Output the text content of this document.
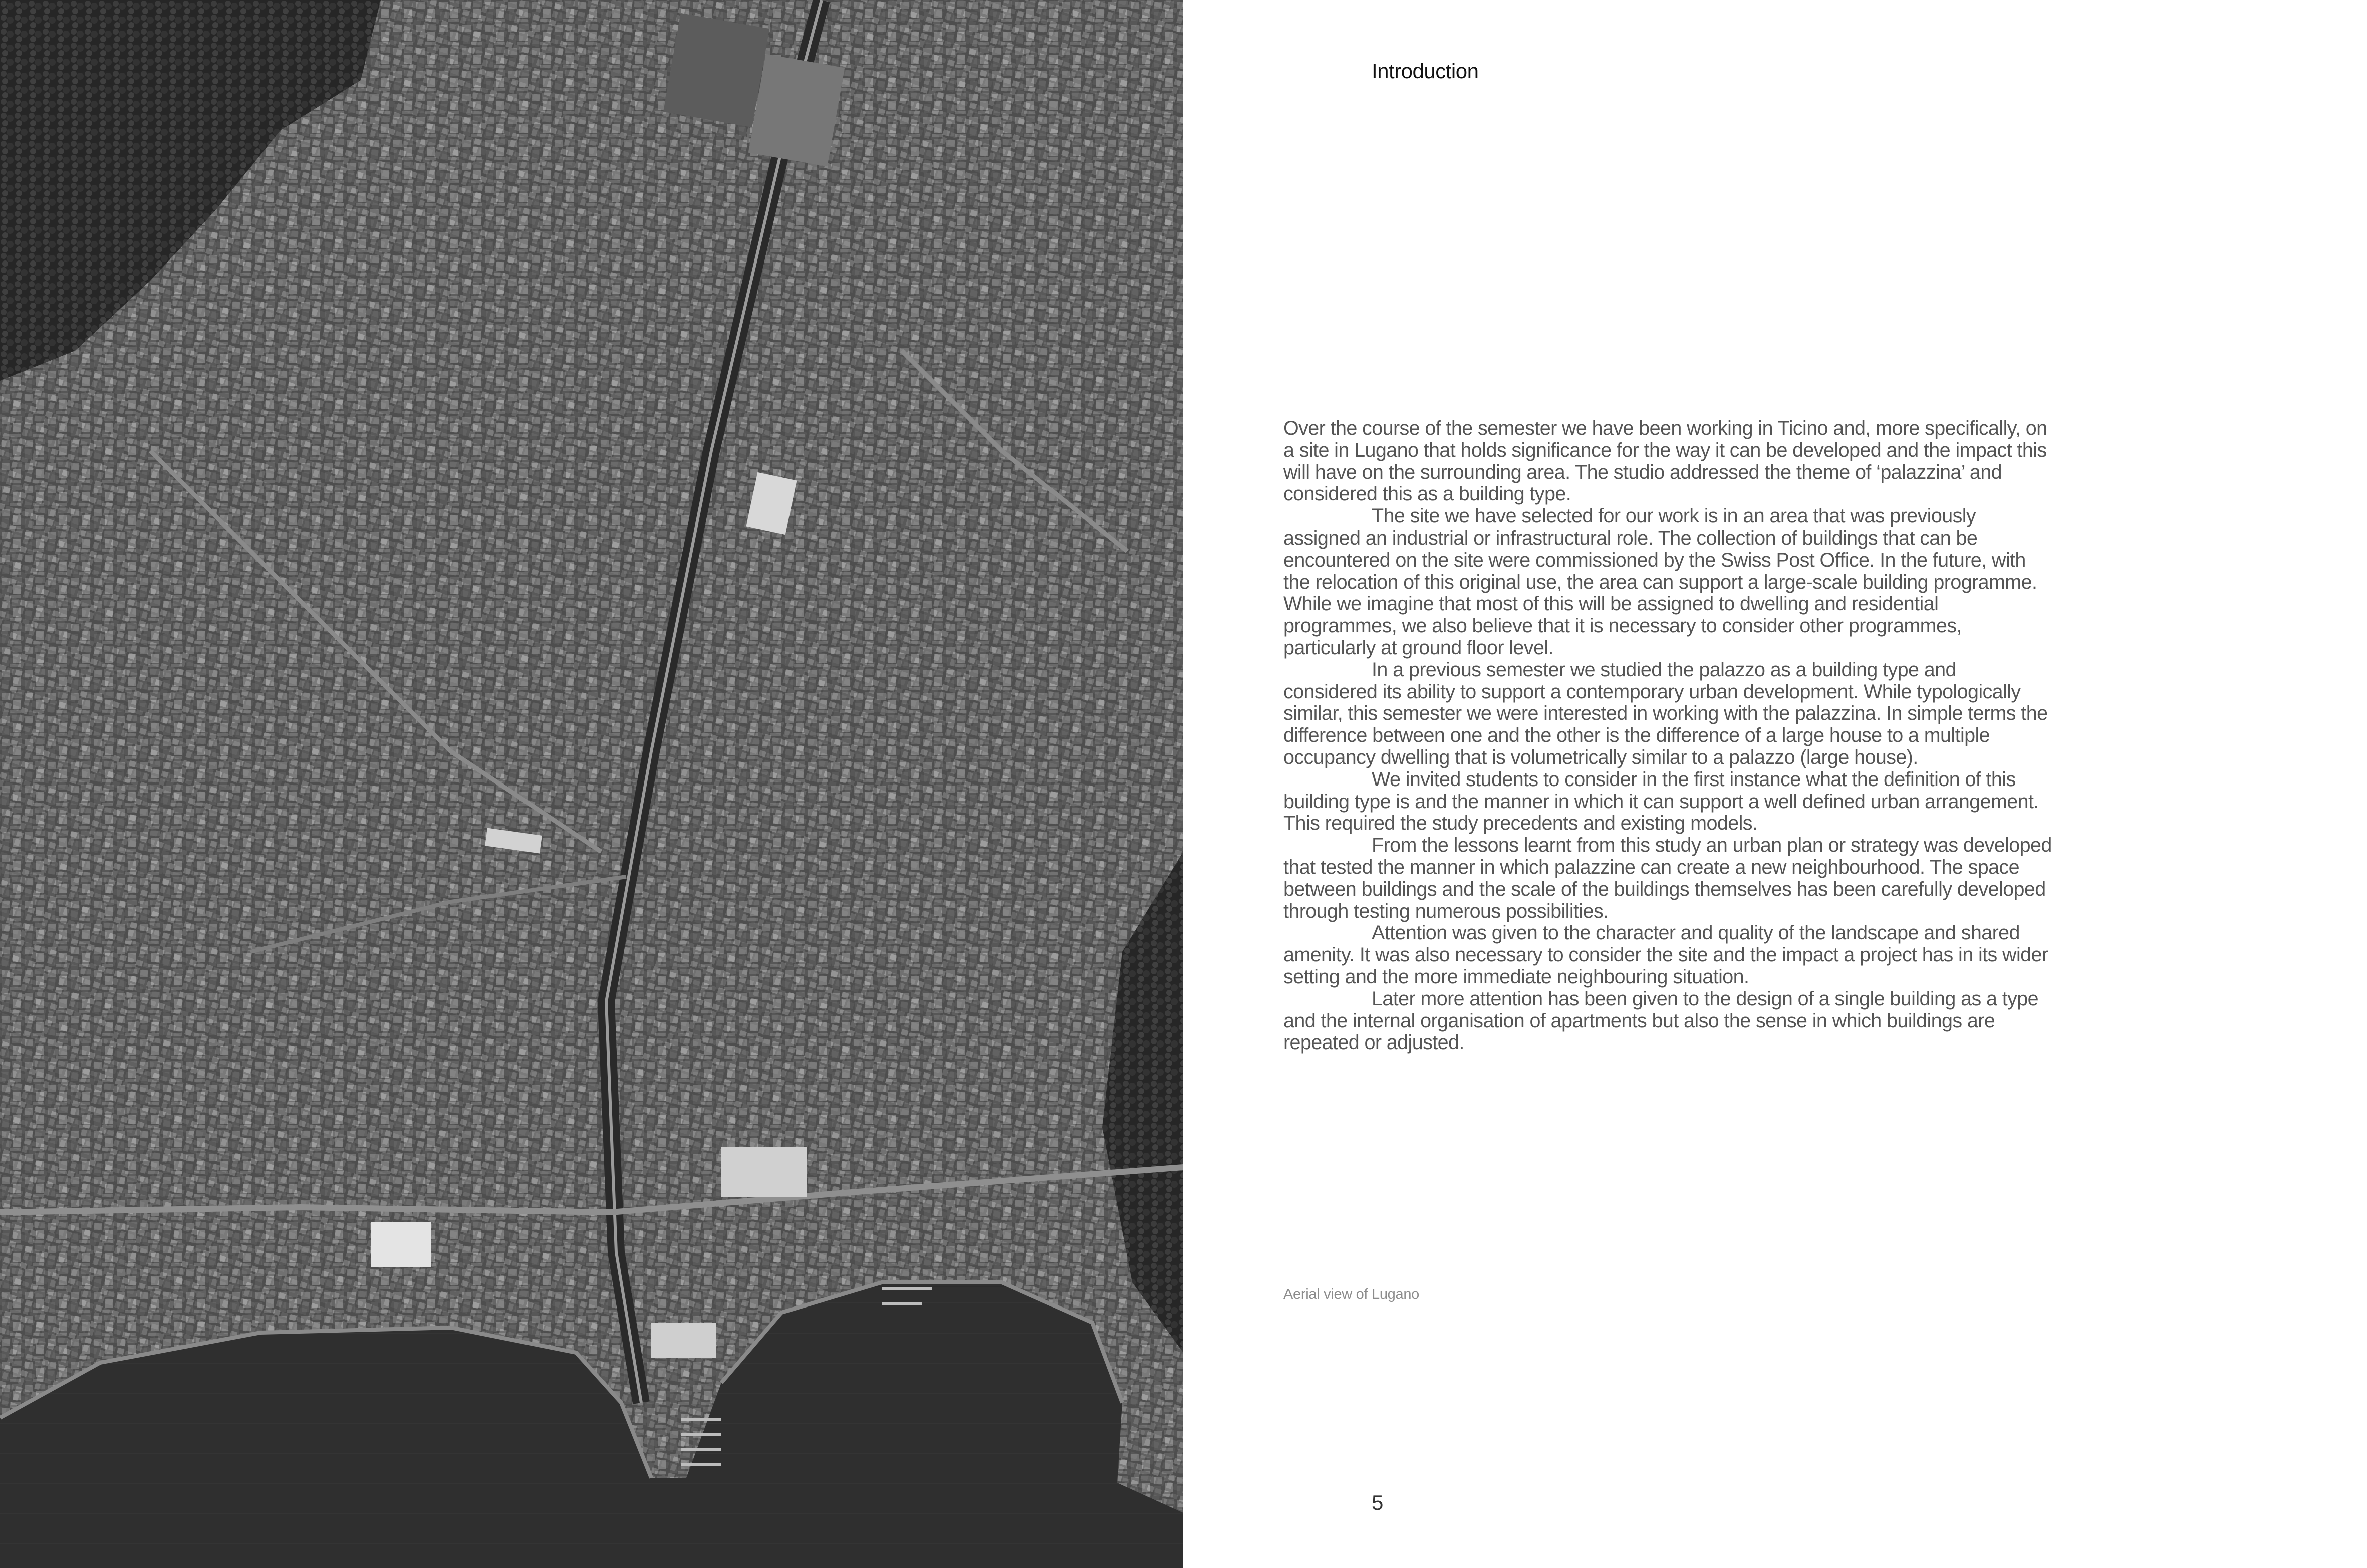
Introduction

Over the course of the semester we have been working in Ticino and, more specifically, on a site in Lugano that holds significance for the way it can be developed and the impact this will have on the surrounding area. The studio addressed the theme of ‘palazzina’ and considered this as a building type.

The site we have selected for our work is in an area that was previously assigned an industrial or infrastructural role. The collection of buildings that can be encountered on the site were commissioned by the Swiss Post Office. In the future, with the relocation of this original use, the area can support a large-scale building programme. While we imagine that most of this will be assigned to dwelling and residential programmes, we also believe that it is necessary to consider other programmes, particularly at ground floor level.

In a previous semester we studied the palazzo as a building type and considered its ability to support a contemporary urban development. While typologically similar, this semester we were interested in working with the palazzina. In simple terms the difference between one and the other is the difference of a large house to a multiple occupancy dwelling that is volumetrically similar to a palazzo (large house).

We invited students to consider in the first instance what the definition of this building type is and the manner in which it can support a well defined urban arrangement. This required the study precedents and existing models.

From the lessons learnt from this study an urban plan or strategy was developed that tested the manner in which palazzine can create a new neighbourhood. The space between buildings and the scale of the buildings themselves has been carefully developed through testing numerous possibilities.

Attention was given to the character and quality of the landscape and shared amenity. It was also necessary to consider the site and the impact a project has in its wider setting and the more immediate neighbouring situation.

Later more attention has been given to the design of a single building as a type and the internal organisation of apartments but also the sense in which buildings are repeated or adjusted.

Aerial view of Lugano
5
